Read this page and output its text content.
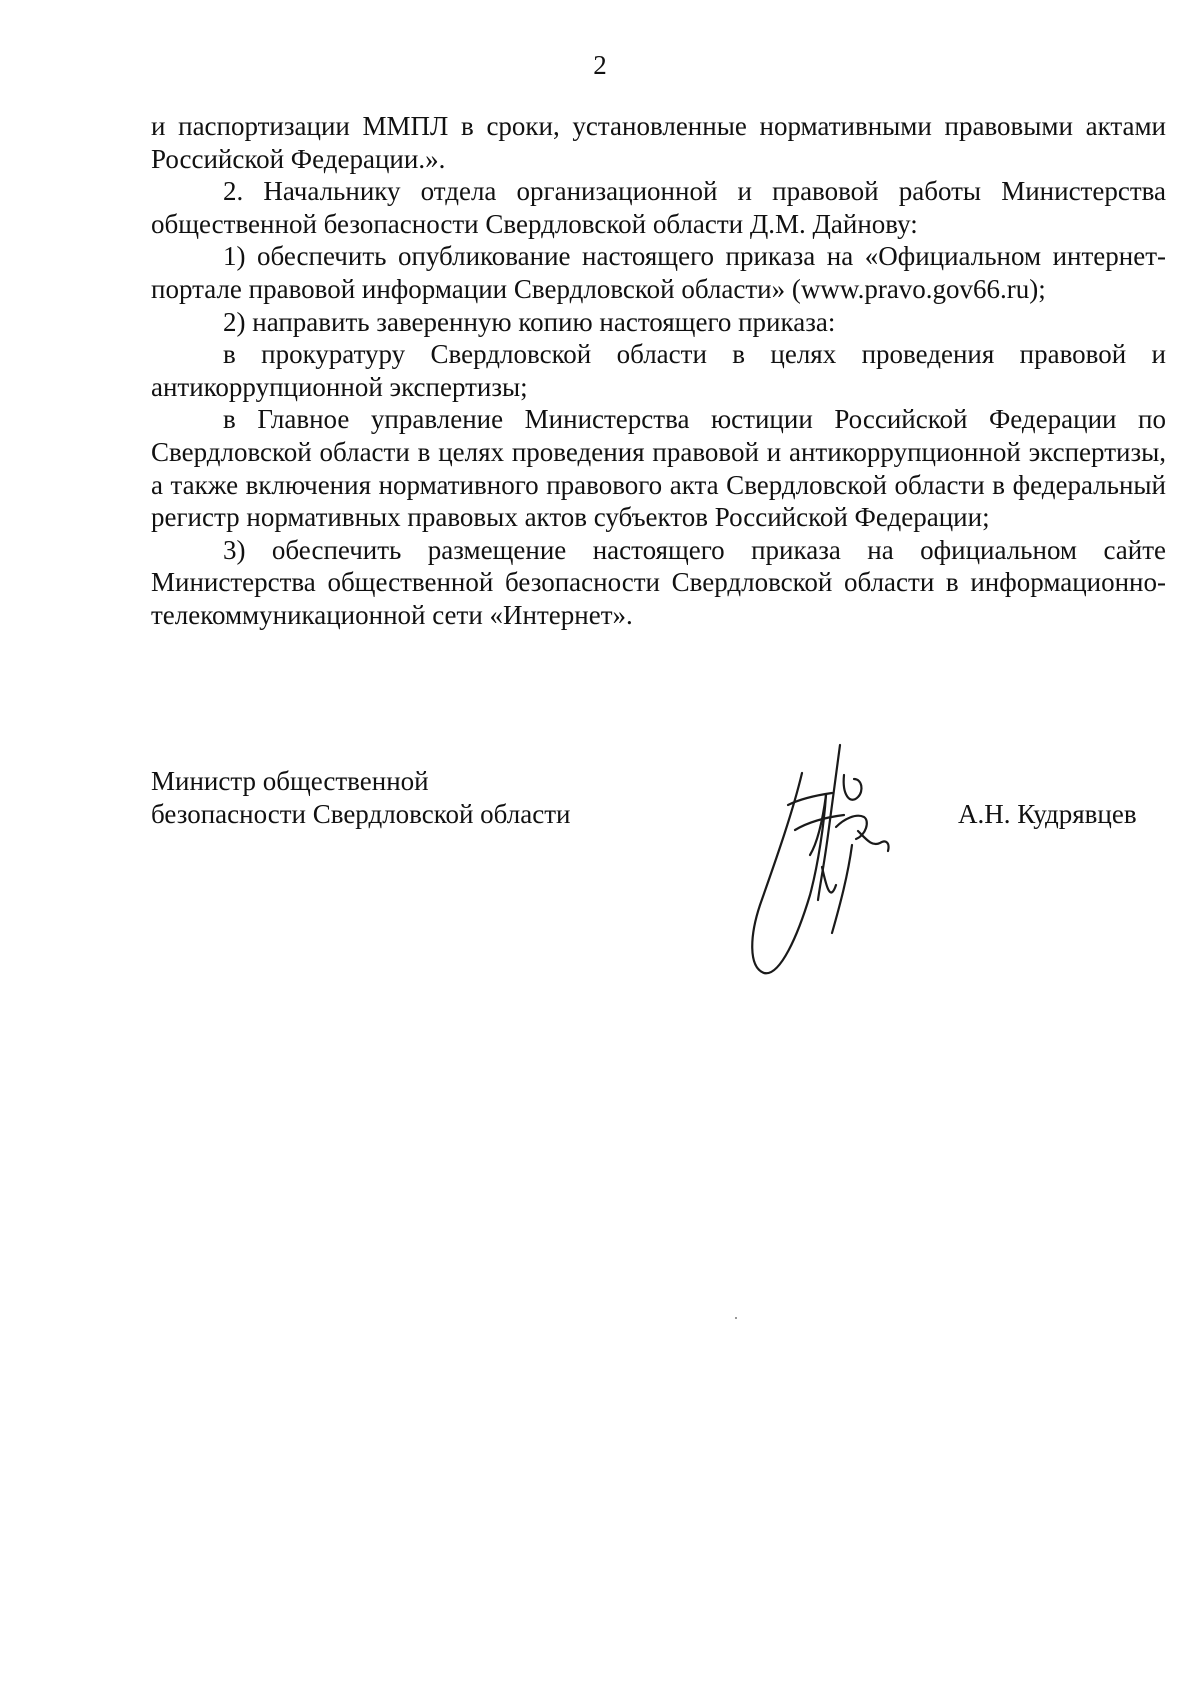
2

и паспортизации ММПЛ в сроки, установленные нормативными правовыми актами Российской Федерации.».

2. Начальнику отдела организационной и правовой работы Министерства общественной безопасности Свердловской области Д.М. Дайнову:

1) обеспечить опубликование настоящего приказа на «Официальном интернет-портале правовой информации Свердловской области» (www.pravo.gov66.ru);

2) направить заверенную копию настоящего приказа:

в прокуратуру Свердловской области в целях проведения правовой и антикоррупционной экспертизы;

в Главное управление Министерства юстиции Российской Федерации по Свердловской области в целях проведения правовой и антикоррупционной экспертизы, а также включения нормативного правового акта Свердловской области в федеральный регистр нормативных правовых актов субъектов Российской Федерации;

3) обеспечить размещение настоящего приказа на официальном сайте Министерства общественной безопасности Свердловской области в информационно-телекоммуникационной сети «Интернет».

Министр общественной
безопасности Свердловской области	А.Н. Кудрявцев
